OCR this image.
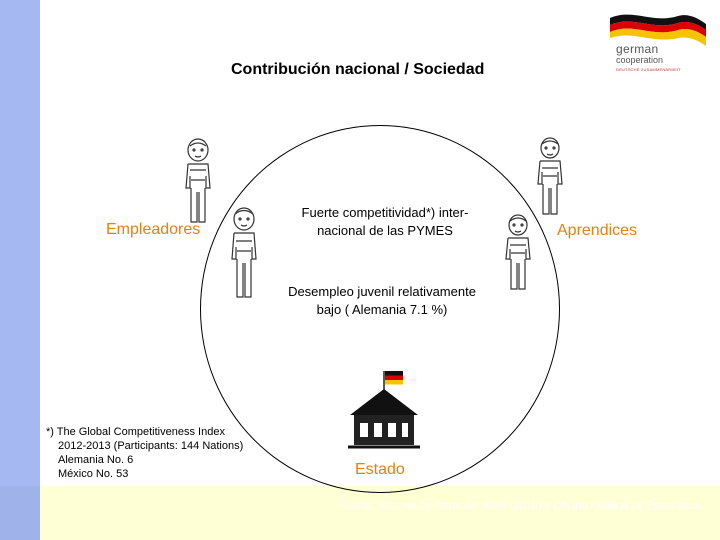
Contribución nacional / Sociedad
german
cooperation
DEUTSCHE ZUSAMMENARBEIT
Empleadores	Aprendices
Estado
Fuerte competitividad*) inter-
nacional de las PYMES
Desempleo juvenil relativamente
bajo ( Alemania 7.1 %)
*) The Global Competitiveness Index
2012-2013 (Participants: 144 Nations)
Alemania No. 6
México No. 53
Fuente: Informe de datos del BIBB (2015) y Oficina Federal de Estadística
